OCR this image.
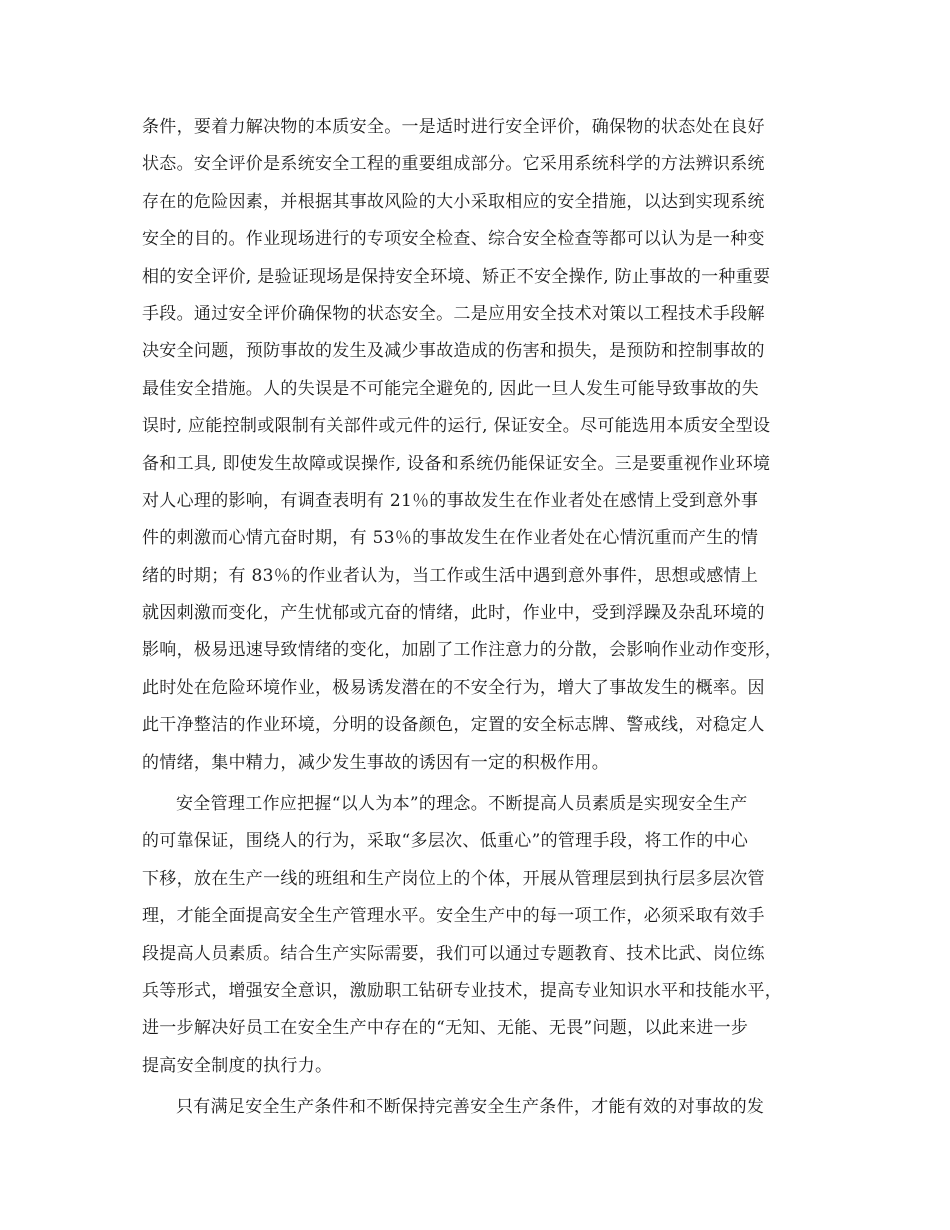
条件，要着力解决物的本质安全。一是适时进行安全评价，确保物的状态处在良好
状态。安全评价是系统安全工程的重要组成部分。它采用系统科学的方法辨识系统
存在的危险因素，并根据其事故风险的大小采取相应的安全措施，以达到实现系统
安全的目的。作业现场进行的专项安全检查、综合安全检查等都可以认为是一种变
相的安全评价, 是验证现场是保持安全环境、矫正不安全操作, 防止事故的一种重要
手段。通过安全评价确保物的状态安全。二是应用安全技术对策以工程技术手段解
决安全问题，预防事故的发生及减少事故造成的伤害和损失，是预防和控制事故的
最佳安全措施。人的失误是不可能完全避免的, 因此一旦人发生可能导致事故的失
误时, 应能控制或限制有关部件或元件的运行, 保证安全。尽可能选用本质安全型设
备和工具, 即使发生故障或误操作, 设备和系统仍能保证安全。三是要重视作业环境
对人心理的影响，有调查表明有 21％的事故发生在作业者处在感情上受到意外事
件的刺激而心情亢奋时期，有 53％的事故发生在作业者处在心情沉重而产生的情
绪的时期；有 83％的作业者认为，当工作或生活中遇到意外事件，思想或感情上
就因刺激而变化，产生忧郁或亢奋的情绪，此时，作业中，受到浮躁及杂乱环境的
影响，极易迅速导致情绪的变化，加剧了工作注意力的分散，会影响作业动作变形，
此时处在危险环境作业，极易诱发潜在的不安全行为，增大了事故发生的概率。因
此干净整洁的作业环境，分明的设备颜色，定置的安全标志牌、警戒线，对稳定人
的情绪，集中精力，减少发生事故的诱因有一定的积极作用。
安全管理工作应把握“以人为本”的理念。不断提高人员素质是实现安全生产
的可靠保证，围绕人的行为，采取“多层次、低重心”的管理手段，将工作的中心
下移，放在生产一线的班组和生产岗位上的个体，开展从管理层到执行层多层次管
理，才能全面提高安全生产管理水平。安全生产中的每一项工作，必须采取有效手
段提高人员素质。结合生产实际需要，我们可以通过专题教育、技术比武、岗位练
兵等形式，增强安全意识，激励职工钻研专业技术，提高专业知识水平和技能水平，
进一步解决好员工在安全生产中存在的“无知、无能、无畏”问题，以此来进一步
提高安全制度的执行力。
只有满足安全生产条件和不断保持完善安全生产条件，才能有效的对事故的发
